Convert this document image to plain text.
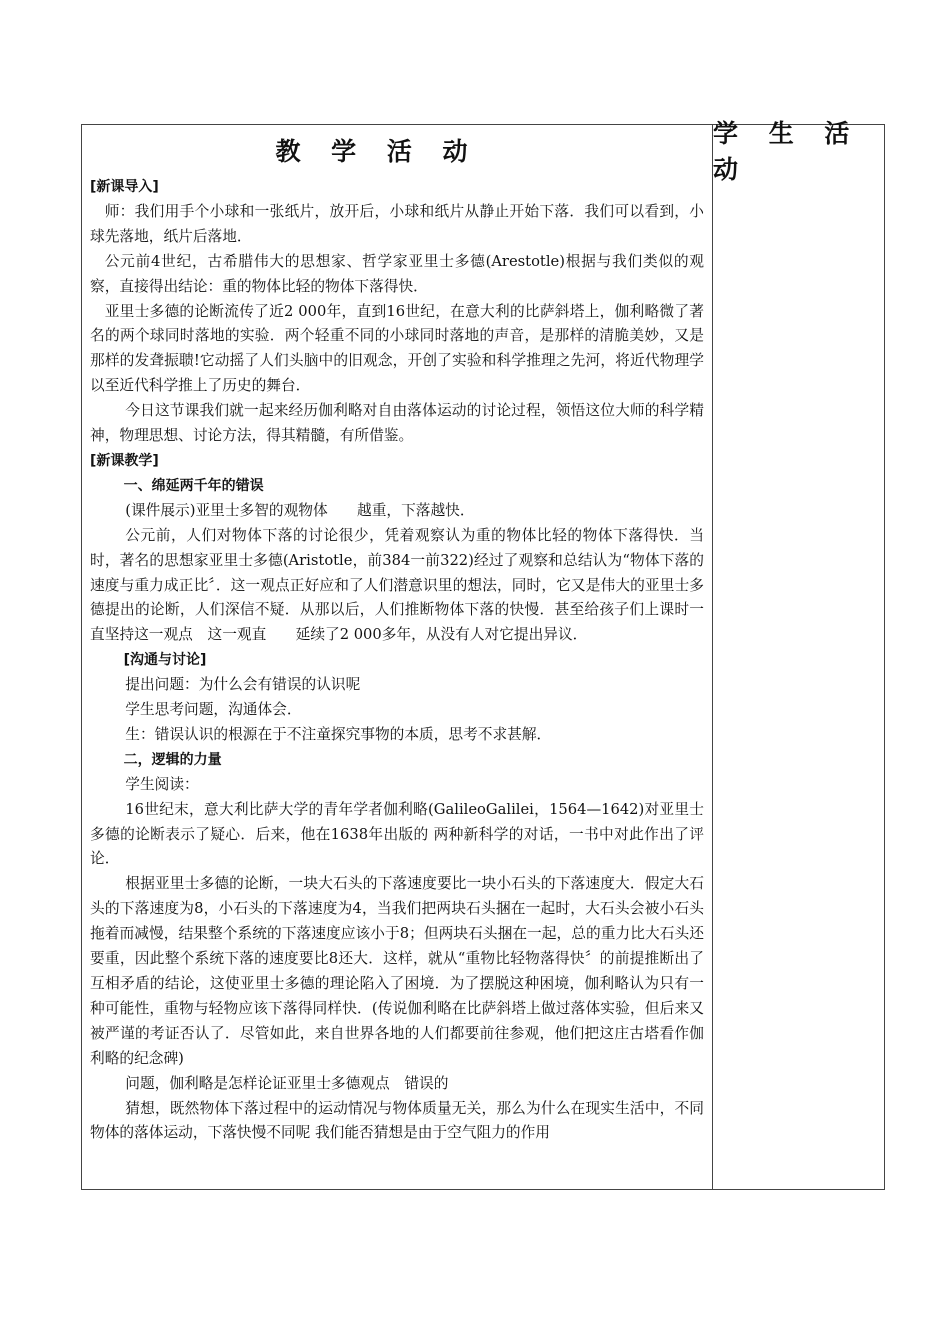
教 学 活 动

[新课导入]

师：我们用手个小球和一张纸片，放开后，小球和纸片从静止开始下落．我们可以看到，小球先落地，纸片后落地．

公元前4世纪，古希腊伟大的思想家、哲学家亚里士多德(Arestotle)根据与我们类似的观察，直接得出结论：重的物体比轻的物体下落得快．

亚里士多德的论断流传了近2 000年，直到16世纪，在意大利的比萨斜塔上，伽利略微了著名的两个球同时落地的实验．两个轻重不同的小球同时落地的声音，是那样的清脆美妙，又是那样的发聋振聩!它动摇了人们头脑中的旧观念，开创了实验和科学推理之先河，将近代物理学以至近代科学推上了历史的舞台．

今日这节课我们就一起来经历伽利略对自由落体运动的讨论过程，领悟这位大师的科学精神，物理思想、讨论方法，得其精髓，有所借鉴。

[新课教学]

一、绵延两千年的错误

(课件展示)亚里士多智的观物体　　越重，下落越快．

公元前，人们对物体下落的讨论很少，凭着观察认为重的物体比轻的物体下落得快．当时，著名的思想家亚里士多德(Aristotle，前384一前322)经过了观察和总结认为“物体下落的速度与重力成正比〞．这一观点正好应和了人们潜意识里的想法，同时，它又是伟大的亚里士多德提出的论断，人们深信不疑．从那以后，人们推断物体下落的快慢．甚至给孩子们上课时一直坚持这一观点　这一观直　　延续了2 000多年，从没有人对它提出异议．

[沟通与讨论]

提出问题：为什么会有错误的认识呢

学生思考问题，沟通体会．

生：错误认识的根源在于不注童探究事物的本质，思考不求甚解．

二，逻辑的力量

学生阅读：

16世纪末，意大利比萨大学的青年学者伽利略(GalileoGalilei，1564—1642)对亚里士多德的论断表示了疑心．后来，他在1638年出版的 两种新科学的对话，一书中对此作出了评论．

根据亚里士多德的论断，一块大石头的下落速度要比一块小石头的下落速度大．假定大石头的下落速度为8，小石头的下落速度为4，当我们把两块石头捆在一起时，大石头会被小石头拖着而减慢，结果整个系统的下落速度应该小于8；但两块石头捆在一起，总的重力比大石头还要重，因此整个系统下落的速度要比8还大．这样，就从“重物比轻物落得快〞的前提推断出了互相矛盾的结论，这使亚里士多德的理论陷入了困境．为了摆脱这种困境，伽利略认为只有一种可能性，重物与轻物应该下落得同样快．(传说伽利略在比萨斜塔上做过落体实验，但后来又被严谨的考证否认了．尽管如此，来自世界各地的人们都要前往参观，他们把这庄古塔看作伽利略的纪念碑)

问题，伽利略是怎样论证亚里士多德观点　错误的

猜想，既然物体下落过程中的运动情况与物体质量无关，那么为什么在现实生活中，不同物体的落体运动，下落快慢不同呢 我们能否猜想是由于空气阻力的作用

学 生 活 动
